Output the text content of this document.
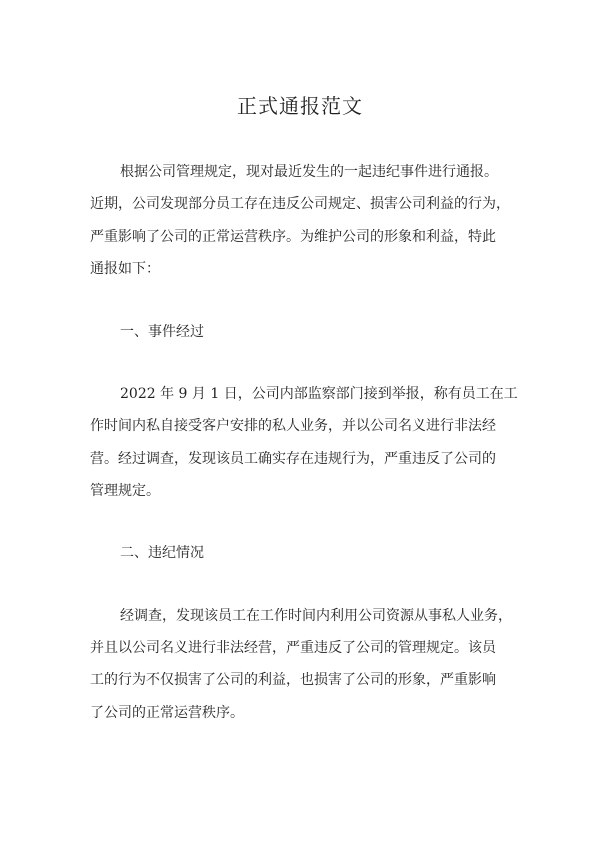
正式通报范文
根据公司管理规定，现对最近发生的一起违纪事件进行通报。
近期，公司发现部分员工存在违反公司规定、损害公司利益的行为，
严重影响了公司的正常运营秩序。为维护公司的形象和利益，特此
通报如下：
一、事件经过
2022 年 9 月 1 日，公司内部监察部门接到举报，称有员工在工
作时间内私自接受客户安排的私人业务，并以公司名义进行非法经
营。经过调查，发现该员工确实存在违规行为，严重违反了公司的
管理规定。
二、违纪情况
经调查，发现该员工在工作时间内利用公司资源从事私人业务，
并且以公司名义进行非法经营，严重违反了公司的管理规定。该员
工的行为不仅损害了公司的利益，也损害了公司的形象，严重影响
了公司的正常运营秩序。
